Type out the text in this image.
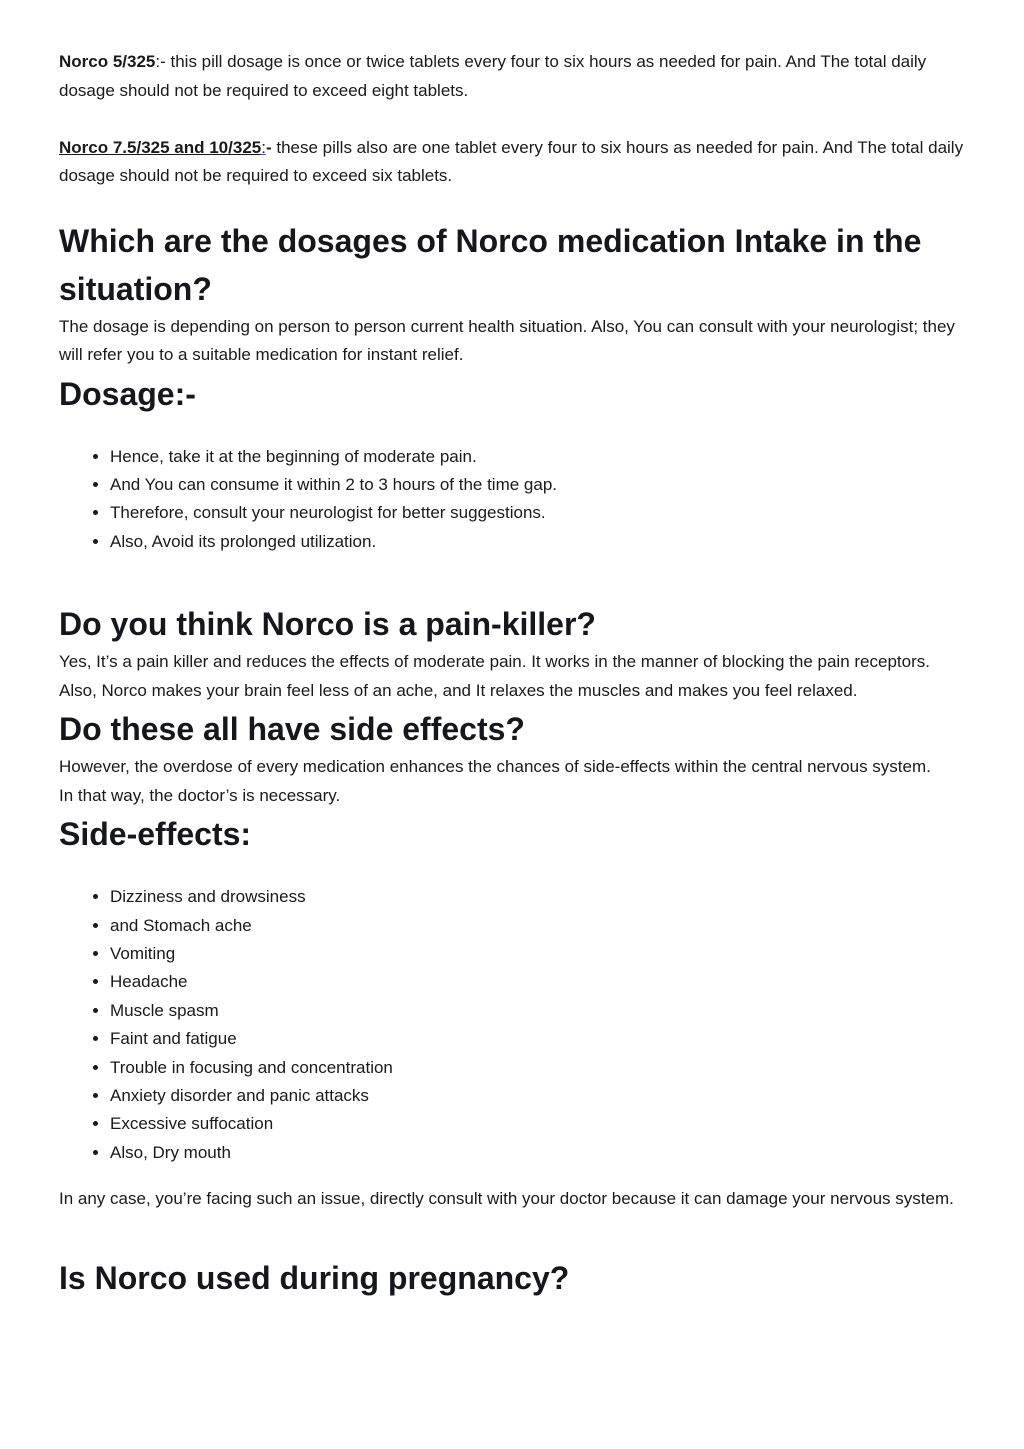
Norco 5/325:- this pill dosage is once or twice tablets every four to six hours as needed for pain. And The total daily dosage should not be required to exceed eight tablets.

Norco 7.5/325 and 10/325:- these pills also are one tablet every four to six hours as needed for pain. And The total daily dosage should not be required to exceed six tablets.

Which are the dosages of Norco medication Intake in the situation?

The dosage is depending on person to person current health situation. Also, You can consult with your neurologist; they will refer you to a suitable medication for instant relief.

Dosage:-
• Hence, take it at the beginning of moderate pain.
• And You can consume it within 2 to 3 hours of the time gap.
• Therefore, consult your neurologist for better suggestions.
• Also, Avoid its prolonged utilization.
Do you think Norco is a pain-killer?

Yes, It’s a pain killer and reduces the effects of moderate pain. It works in the manner of blocking the pain receptors.

Also, Norco makes your brain feel less of an ache, and It relaxes the muscles and makes you feel relaxed.

Do these all have side effects?

However, the overdose of every medication enhances the chances of side-effects within the central nervous system.

In that way, the doctor’s is necessary.

Side-effects:
• Dizziness and drowsiness
• and Stomach ache
• Vomiting
• Headache
• Muscle spasm
• Faint and fatigue
• Trouble in focusing and concentration
• Anxiety disorder and panic attacks
• Excessive suffocation
• Also, Dry mouth

In any case, you’re facing such an issue, directly consult with your doctor because it can damage your nervous system.

Is Norco used during pregnancy?
